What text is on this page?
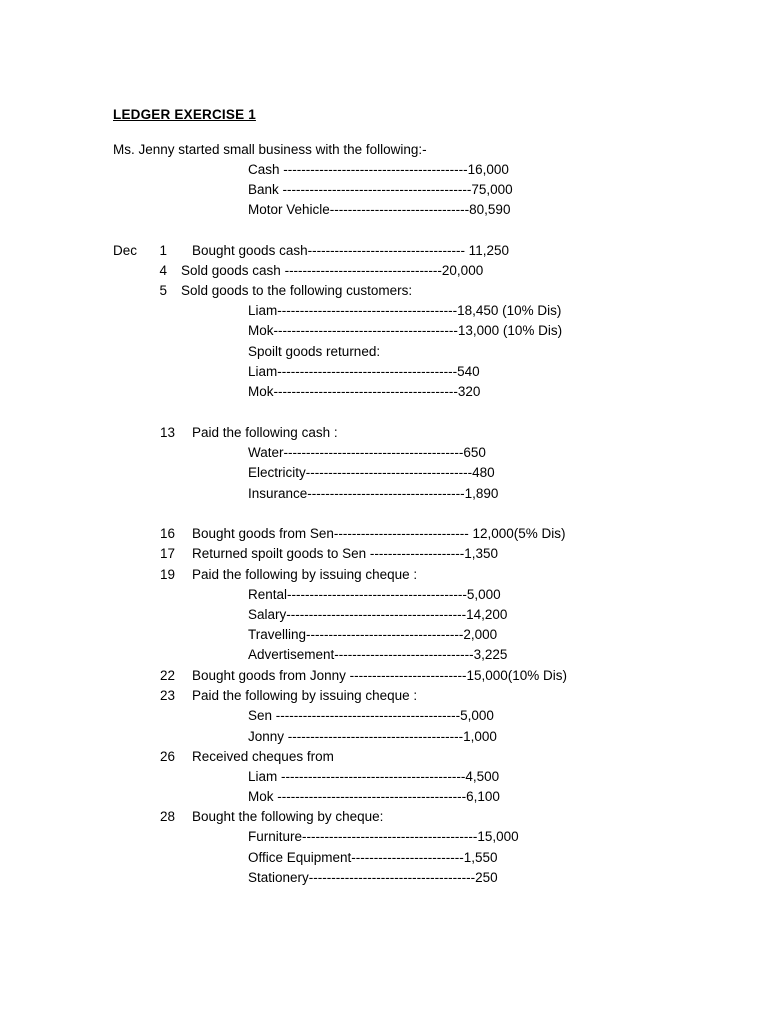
LEDGER EXERCISE 1
Ms. Jenny started small business with the following:-
Cash -----------------------------------------16,000
Bank ------------------------------------------75,000
Motor Vehicle-------------------------------80,590
Dec	1 Bought goods cash----------------------------------- 11,250
4 Sold goods cash -----------------------------------20,000
5 Sold goods to the following customers:
Liam----------------------------------------18,450 (10% Dis)
Mok-----------------------------------------13,000 (10% Dis)
Spoilt goods returned:
Liam----------------------------------------540
Mok-----------------------------------------320
13 Paid the following cash :
Water----------------------------------------650
Electricity-------------------------------------480
Insurance-----------------------------------1,890
16 Bought goods from Sen------------------------------ 12,000(5% Dis)
17 Returned spoilt goods to Sen ---------------------1,350
19 Paid the following by issuing cheque :
Rental----------------------------------------5,000
Salary----------------------------------------14,200
Travelling-----------------------------------2,000
Advertisement-------------------------------3,225
22 Bought goods from Jonny --------------------------15,000(10% Dis)
23 Paid the following by issuing cheque :
Sen -----------------------------------------5,000
Jonny ---------------------------------------1,000
26 Received cheques from
Liam -----------------------------------------4,500
Mok ------------------------------------------6,100
28 Bought the following by cheque:
Furniture---------------------------------------15,000
Office Equipment-------------------------1,550
Stationery-------------------------------------250
